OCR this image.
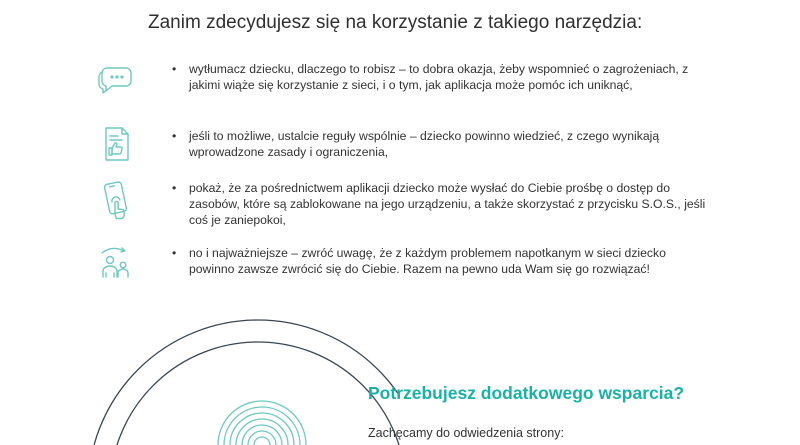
Zanim zdecydujesz się na korzystanie z takiego narzędzia:
•	wytłumacz dziecku, dlaczego to robisz – to dobra okazja, żeby wspomnieć o zagrożeniach, z jakimi wiąże się korzystanie z sieci, i o tym, jak aplikacja może pomóc ich uniknąć,
•	jeśli to możliwe, ustalcie reguły wspólnie – dziecko powinno wiedzieć, z czego wynikają wprowadzone zasady i ograniczenia,
•	pokaż, że za pośrednictwem aplikacji dziecko może wysłać do Ciebie prośbę o dostęp do zasobów, które są zablokowane na jego urządzeniu, a także skorzystać z przycisku S.O.S., jeśli coś je zaniepokoi,
•	no i najważniejsze – zwróć uwagę, że z każdym problemem napotkanym w sieci dziecko powinno zawsze zwrócić się do Ciebie. Razem na pewno uda Wam się go rozwiązać!
Potrzebujesz dodatkowego wsparcia?
Zachęcamy do odwiedzenia strony:
